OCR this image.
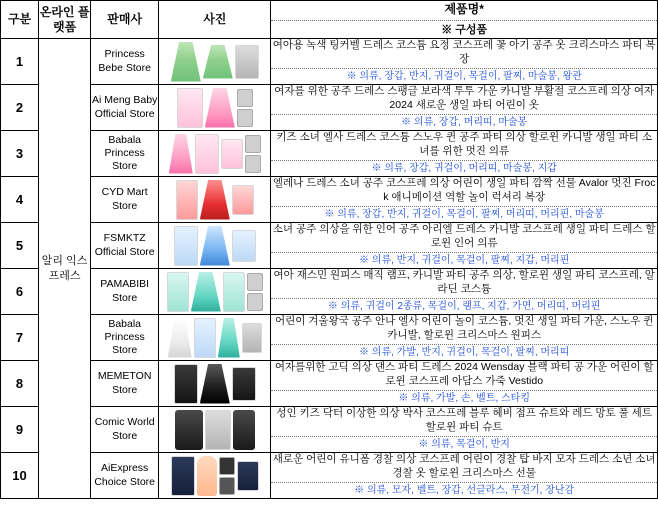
구분	온라인 플랫폼	판매사	사진	제품명*
※ 구성품

1	알리 익스프레스	Princess Bebe Store		여아용 녹색 팅커벨 드레스 코스튬 요정 코스프레 꽃 아기 공주 옷 크리스마스 파티 복장
※ 의류, 장갑, 반지, 귀걸이, 목걸이, 팔찌, 마술봉, 왕관

2		Ai Meng Baby Official Store		여자를 위한 공주 드레스 스팽글 보라색 투투 가운 카니발 부활절 코스프레 의상 여자 2024 새로운 생일 파티 어린이 옷
※ 의류, 장갑, 머리띠, 마술봉

3		Babala Princess Store		키즈 소녀 엘사 드레스 코스튬 스노우 퀸 공주 파티 의상 할로윈 카니발 생일 파티 소녀를 위한 멋진 의류
※ 의류, 장갑, 귀걸이, 머리띠, 마술봉, 지갑

4		CYD Mart Store		엘레나 드레스 소녀 공주 코스프레 의상 어린이 생일 파티 깜짝 선물 Avalor 멋진 Frock 애니메이션 역할 놀이 럭셔리 복장
※ 의류, 장갑, 반지, 귀걸이, 목걸이, 팔찌, 머리띠, 머리핀, 마술봉

5		FSMKTZ Official Store		소녀 공주 의상을 위한 인어 공주 아리엘 드레스 카니발 코스프레 생일 파티 드레스 할로윈 인어 의류
※ 의류, 반지, 귀걸이, 목걸이, 팔찌, 지갑, 머리핀

6		PAMABIBI Store		여아 재스민 원피스 매직 램프, 카니발 파티 공주 의상, 할로윈 생일 파티 코스프레, 알라딘 코스튬
※ 의류, 귀걸이 2종류, 목걸이, 램프, 지갑, 가면, 머리띠, 머리핀

7		Babala Princess Store		어린이 겨울왕국 공주 안나 엘사 어린이 놀이 코스튬, 멋진 생일 파티 가운, 스노우 퀸 카니발, 할로윈 크리스마스 원피스
※ 의류, 가발, 반지, 귀걸이, 목걸이, 팔찌, 머리띠

8		MEMETON Store		여자를위한 고딕 의상 댄스 파티 드레스 2024 Wensday 블랙 파티 공 가운 어린이 할로윈 코스프레 아담스 가죽 Vestido
※ 의류, 가발, 손, 벨트, 스타킹

9		Comic World Store		성인 키즈 닥터 이상한 의상 박사 코스프레 블루 헤비 점프 슈트와 레드 망토 풀 세트 할로윈 파티 슈트
※ 의류, 목걸이, 반지

10		AiExpress Choice Store		새로운 어린이 유니폼 경찰 의상 코스프레 어린이 경찰 탑 바지 모자 드레스 소년 소녀 경찰 옷 할로윈 크리스마스 선물
※ 의류, 모자, 벨트, 장갑, 선글라스, 무전기, 장난감
